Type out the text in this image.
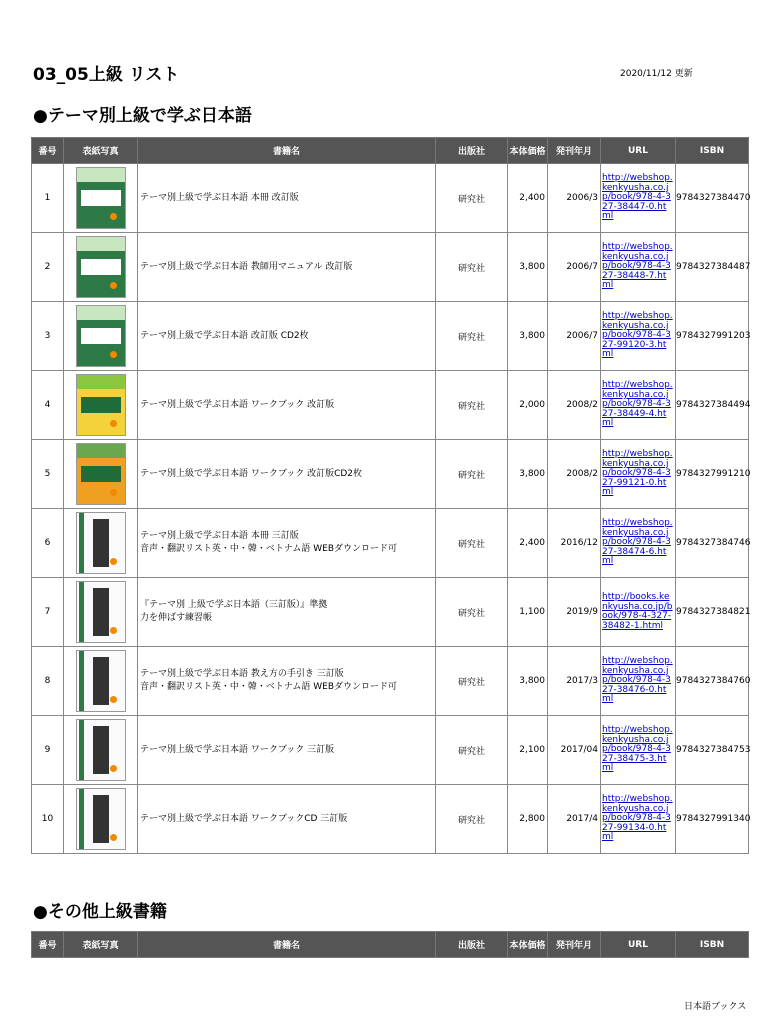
03_05上級 リスト	2020/11/12 更新
●テーマ別上級で学ぶ日本語
番号	表紙写真	書籍名	出版社	本体価格	発刊年月	URL	ISBN
1		テーマ別上級で学ぶ日本語 本冊 改訂版	研究社	2,400	2006/3	http://webshop.kenkyusha.co.jp/book/978-4-327-38447-0.html	9784327384470
2		テーマ別上級で学ぶ日本語 教師用マニュアル 改訂版	研究社	3,800	2006/7	http://webshop.kenkyusha.co.jp/book/978-4-327-38448-7.html	9784327384487
3		テーマ別上級で学ぶ日本語 改訂版 CD2枚	研究社	3,800	2006/7	http://webshop.kenkyusha.co.jp/book/978-4-327-99120-3.html	9784327991203
4		テーマ別上級で学ぶ日本語 ワークブック 改訂版	研究社	2,000	2008/2	http://webshop.kenkyusha.co.jp/book/978-4-327-38449-4.html	9784327384494
5		テーマ別上級で学ぶ日本語 ワークブック 改訂版CD2枚	研究社	3,800	2008/2	http://webshop.kenkyusha.co.jp/book/978-4-327-99121-0.html	9784327991210
6		テーマ別上級で学ぶ日本語 本冊 三訂版
音声・翻訳リスト英・中・韓・ベトナム語 WEBダウンロード可	研究社	2,400	2016/12	http://webshop.kenkyusha.co.jp/book/978-4-327-38474-6.html	9784327384746
7		『テーマ別 上級で学ぶ日本語（三訂版）』準拠
力を伸ばす練習帳	研究社	1,100	2019/9	http://books.kenkyusha.co.jp/book/978-4-327-38482-1.html	9784327384821
8		テーマ別上級で学ぶ日本語 教え方の手引き 三訂版
音声・翻訳リスト英・中・韓・ベトナム語 WEBダウンロード可	研究社	3,800	2017/3	http://webshop.kenkyusha.co.jp/book/978-4-327-38476-0.html	9784327384760
9		テーマ別上級で学ぶ日本語 ワークブック 三訂版	研究社	2,100	2017/04	http://webshop.kenkyusha.co.jp/book/978-4-327-38475-3.html	9784327384753
10		テーマ別上級で学ぶ日本語 ワークブックCD 三訂版	研究社	2,800	2017/4	http://webshop.kenkyusha.co.jp/book/978-4-327-99134-0.html	9784327991340
●その他上級書籍
番号	表紙写真	書籍名	出版社	本体価格	発刊年月	URL	ISBN
日本語ブックス
